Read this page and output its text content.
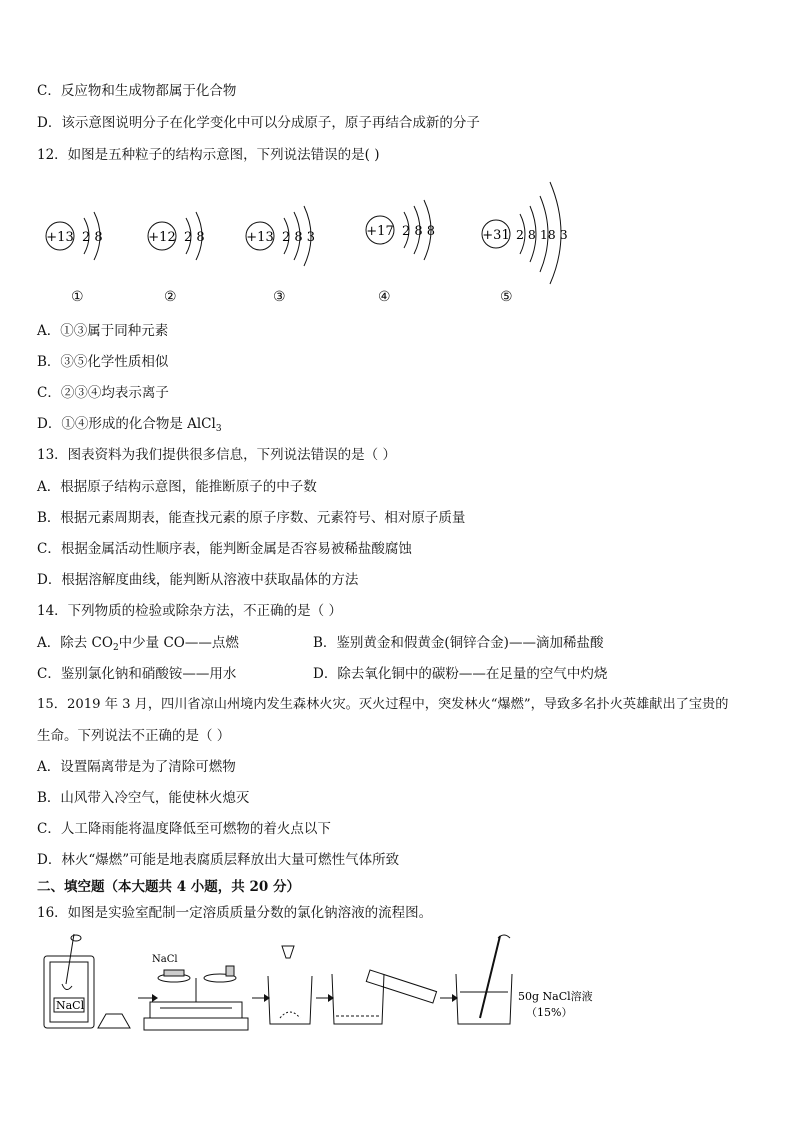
C．反应物和生成物都属于化合物
D．该示意图说明分子在化学变化中可以分成原子，原子再结合成新的分子
12．如图是五种粒子的结构示意图，下列说法错误的是( )
+13 2 8	+12 2 8	+13 2 8 3	+17 2 8 8	+31 2 8 18 3
①	②	③	④	⑤
A．①③属于同种元素
B．③⑤化学性质相似
C．②③④均表示离子
D．①④形成的化合物是 AlCl$_3$
13．图表资料为我们提供很多信息，下列说法错误的是（ ）
A．根据原子结构示意图，能推断原子的中子数
B．根据元素周期表，能查找元素的原子序数、元素符号、相对原子质量
C．根据金属活动性顺序表，能判断金属是否容易被稀盐酸腐蚀
D．根据溶解度曲线，能判断从溶液中获取晶体的方法
14．下列物质的检验或除杂方法，不正确的是（ ）
A．除去 $CO_2$中少量 CO——点燃	B．鉴别黄金和假黄金(铜锌合金)——滴加稀盐酸
C．鉴别氯化钠和硝酸铵——用水	D．除去氧化铜中的碳粉——在足量的空气中灼烧
15．2019 年 3 月，四川省凉山州境内发生森林火灾。灭火过程中，突发林火“爆燃”，导致多名扑火英雄献出了宝贵的
生命。下列说法不正确的是（ ）
A．设置隔离带是为了清除可燃物
B．山风带入冷空气，能使林火熄灭
C．人工降雨能将温度降低至可燃物的着火点以下
D．林火“爆燃”可能是地表腐质层释放出大量可燃性气体所致
二、填空题（本大题共 4 小题，共 20 分）
16．如图是实验室配制一定溶质质量分数的氯化钠溶液的流程图。
NaCl
NaCl
50g NaCl溶液
（15%）
